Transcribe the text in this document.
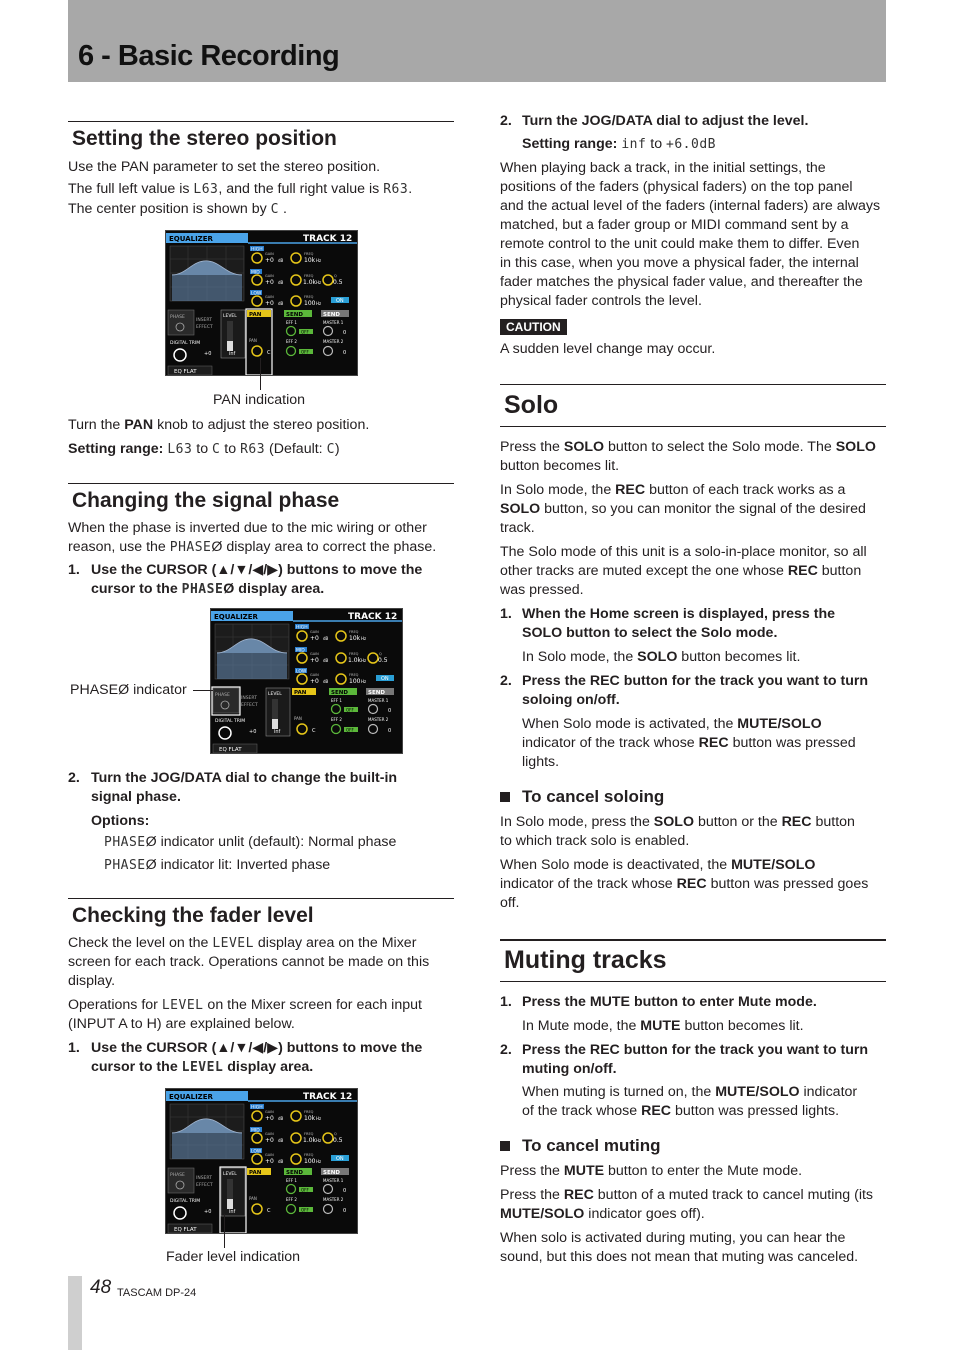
6 - Basic Recording
Setting the stereo position
Use the PAN parameter to set the stereo position.
The full left value is L63, and the full right value is R63.
The center position is shown by C .
EQUALIZER	TRACK 12
HIGH
MID
LOW
GAIN
+0 dB
FREQ
10k Hz
GAIN
+0 dB
FREQ
1.0k Hz
Q
0.5
GAIN
+0 dB
FREQ
100 Hz	ON
PHASE
INSERT
EFFECT
LEVEL
inf
PAN
PAN
C
SEND
EFF 1
OFF
EFF 2
OFF
SEND
MASTER 1
0
MASTER 2
0
DIGITAL TRIM
+0
EQ FLAT
PAN indication
Turn the PAN knob to adjust the stereo position.
Setting range: L63 to C to R63 (Default: C)
Changing the signal phase
When the phase is inverted due to the mic wiring or other
reason, use the PHASEØ display area to correct the phase.
1. Use the CURSOR (▲/▼/◀/▶) buttons to move the
cursor to the PHASEØ display area.
EQUALIZER	TRACK 12
HIGH
MID
LOW
GAIN
+0 dB
FREQ
10k Hz
GAIN
+0 dB
FREQ
1.0k Hz
Q
0.5
GAIN
+0 dB
FREQ
100 Hz	ON
PHASE
INSERT
EFFECT
LEVEL
inf
PAN
PAN
C
SEND
EFF 1
OFF
EFF 2
OFF
SEND
MASTER 1
0
MASTER 2
0
DIGITAL TRIM
+0
EQ FLAT
PHASEØ indicator
2. Turn the JOG/DATA dial to change the built-in
signal phase.
Options:
PHASEØ indicator unlit (default): Normal phase
PHASEØ indicator lit: Inverted phase
Checking the fader level
Check the level on the LEVEL display area on the Mixer
screen for each track. Operations cannot be made on this
display.
Operations for LEVEL on the Mixer screen for each input
(INPUT A to H) are explained below.
1. Use the CURSOR (▲/▼/◀/▶) buttons to move the
cursor to the LEVEL display area.
EQUALIZER	TRACK 12
HIGH
MID
LOW
GAIN
+0 dB
FREQ
10k Hz
GAIN
+0 dB
FREQ
1.0k Hz
Q
0.5
GAIN
+0 dB
FREQ
100 Hz	ON
PHASE
INSERT
EFFECT
LEVEL
inf
PAN
PAN
C
SEND
EFF 1
OFF
EFF 2
OFF
SEND
MASTER 1
0
MASTER 2
0
DIGITAL TRIM
+0
EQ FLAT
Fader level indication
2. Turn the JOG/DATA dial to adjust the level.
Setting range: inf to +6.0dB
When playing back a track, in the initial settings, the
positions of the faders (physical faders) on the top panel
and the actual level of the faders (internal faders) are always
matched, but a fader group or MIDI command sent by a
remote control to the unit could make them to differ. Even
in this case, when you move a physical fader, the internal
fader matches the physical fader value, and thereafter the
physical fader controls the level.
CAUTION
A sudden level change may occur.
Solo
Press the SOLO button to select the Solo mode. The SOLO
button becomes lit.
In Solo mode, the REC button of each track works as a
SOLO button, so you can monitor the signal of the desired
track.
The Solo mode of this unit is a solo-in-place monitor, so all
other tracks are muted except the one whose REC button
was pressed.
1. When the Home screen is displayed, press the
SOLO button to select the Solo mode.
In Solo mode, the SOLO button becomes lit.
2. Press the REC button for the track you want to turn
soloing on/off.
When Solo mode is activated, the MUTE/SOLO
indicator of the track whose REC button was pressed
lights.
To cancel soloing
In Solo mode, press the SOLO button or the REC button
to which track solo is enabled.
When Solo mode is deactivated, the MUTE/SOLO
indicator of the track whose REC button was pressed goes
off.
Muting tracks
1. Press the MUTE button to enter Mute mode.
In Mute mode, the MUTE button becomes lit.
2. Press the REC button for the track you want to turn
muting on/off.
When muting is turned on, the MUTE/SOLO indicator
of the track whose REC button was pressed lights.
To cancel muting
Press the MUTE button to enter the Mute mode.
Press the REC button of a muted track to cancel muting (its
MUTE/SOLO indicator goes off).
When solo is activated during muting, you can hear the
sound, but this does not mean that muting was canceled.
48 TASCAM DP-24
